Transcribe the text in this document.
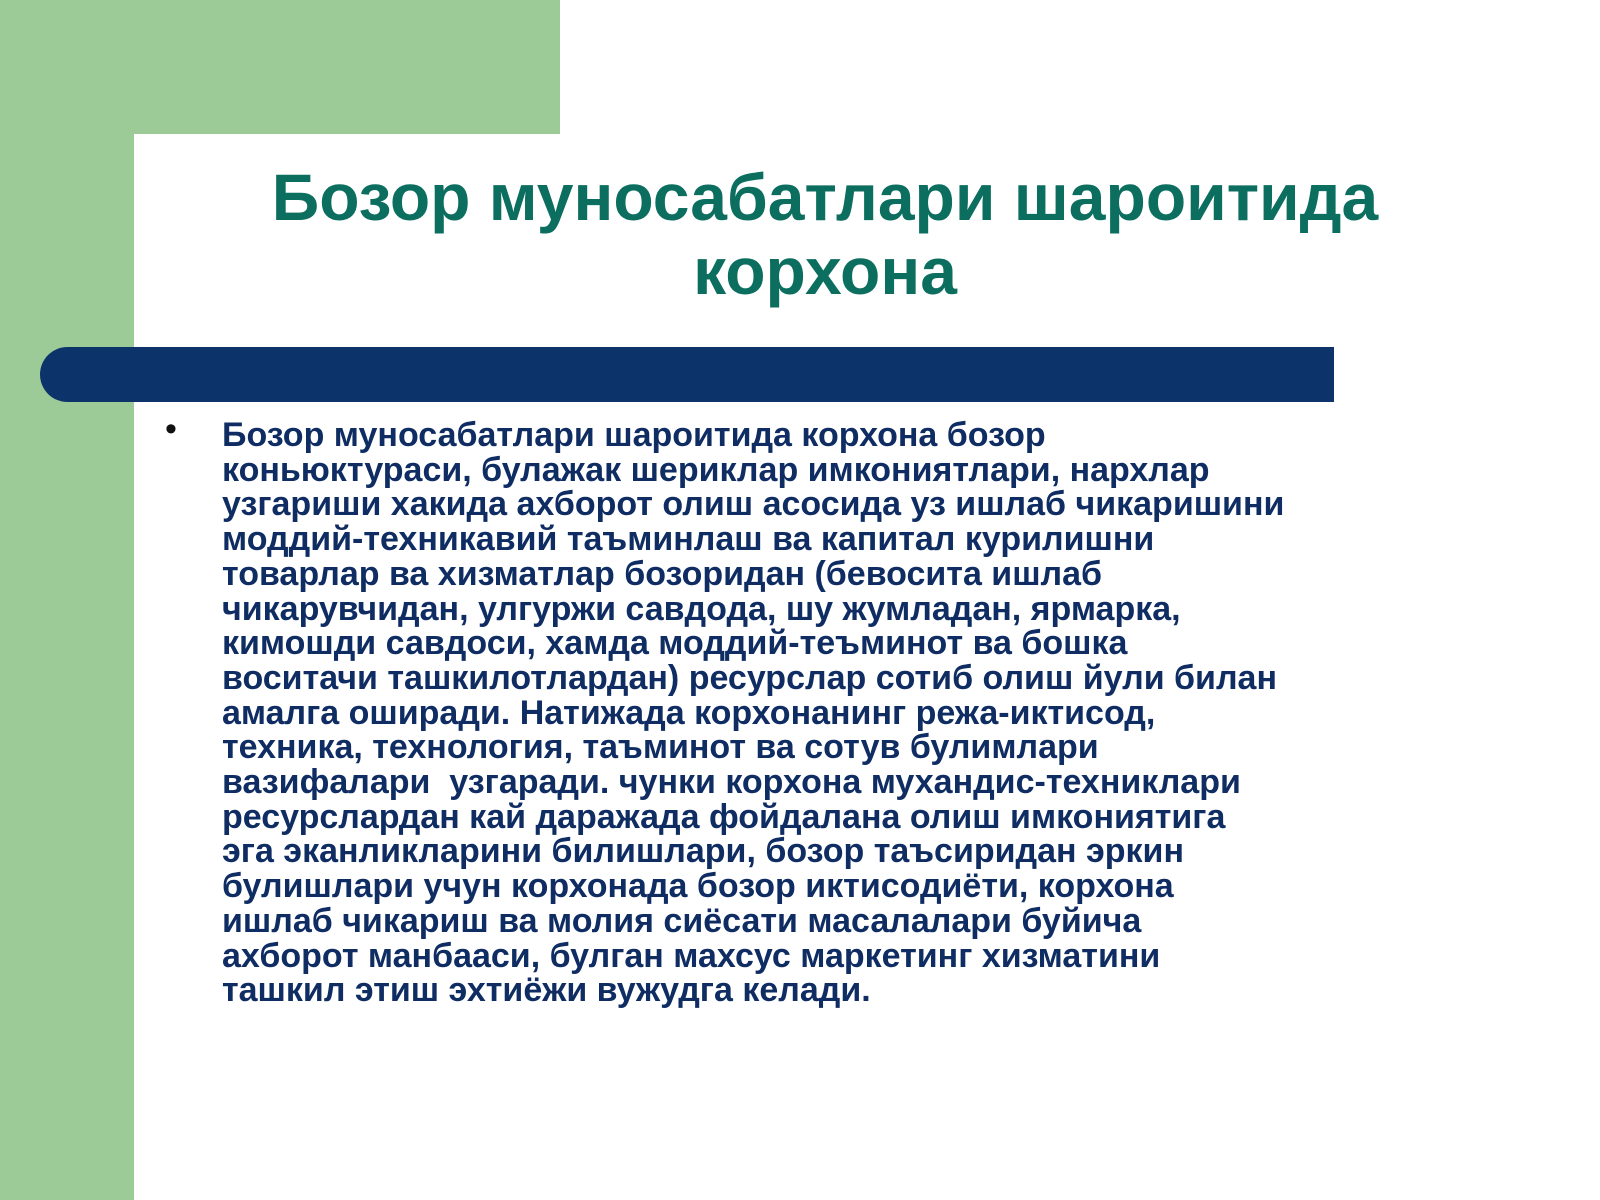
Бозор муносабатлари шароитида
корхона
• Бозор муносабатлари шароитида корхона бозор
коньюктураси, булажак шериклар имкониятлари, нархлар
узгариши хакида ахборот олиш асосида уз ишлаб чикаришини
моддий-техникавий таъминлаш ва капитал курилишни
товарлар ва хизматлар бозоридан (бевосита ишлаб
чикарувчидан, улгуржи савдода, шу жумладан, ярмарка,
кимошди савдоси, хамда моддий-теъминот ва бошка
воситачи ташкилотлардан) ресурслар сотиб олиш йули билан
амалга оширади. Натижада корхонанинг режа-иктисод,
техника, технология, таъминот ва сотув булимлари
вазифалари  узгаради. чунки корхона мухандис-техниклари
ресурслардан кай даражада фойдалана олиш имкониятига
эга эканликларини билишлари, бозор таъсиридан эркин
булишлари учун корхонада бозор иктисодиёти, корхона
ишлаб чикариш ва молия сиёсати масалалари буйича
ахборот манбааси, булган махсус маркетинг хизматини
ташкил этиш эхтиёжи вужудга келади.
